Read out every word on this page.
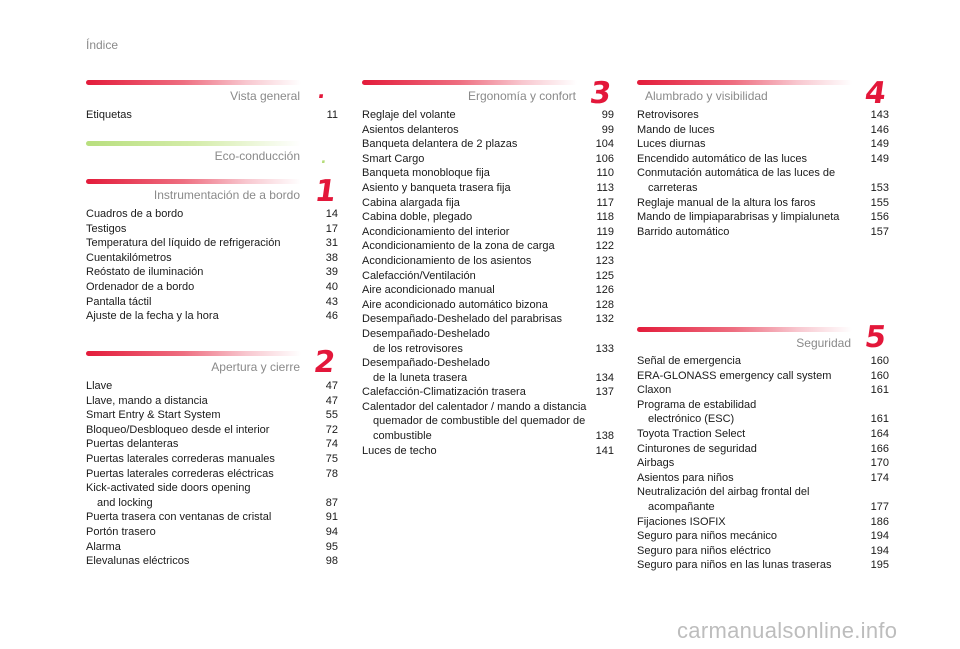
Índice
Vista general .
Etiquetas	11
Eco-conducción .
Instrumentación de a bordo 1
Cuadros de a bordo	14
Testigos	17
Temperatura del líquido de refrigeración	31
Cuentakilómetros	38
Reóstato de iluminación	39
Ordenador de a bordo	40
Pantalla táctil	43
Ajuste de la fecha y la hora	46
Apertura y cierre 2
Llave	47
Llave, mando a distancia	47
Smart Entry & Start System	55
Bloqueo/Desbloqueo desde el interior	72
Puertas delanteras	74
Puertas laterales correderas manuales	75
Puertas laterales correderas eléctricas	78
Kick-activated side doors opening
and locking	87
Puerta trasera con ventanas de cristal	91
Portón trasero	94
Alarma	95
Elevalunas eléctricos	98
Ergonomía y confort 3
Reglaje del volante	99
Asientos delanteros	99
Banqueta delantera de 2 plazas	104
Smart Cargo	106
Banqueta monobloque fija	110
Asiento y banqueta trasera fija	113
Cabina alargada fija	117
Cabina doble, plegado	118
Acondicionamiento del interior	119
Acondicionamiento de la zona de carga	122
Acondicionamiento de los asientos	123
Calefacción/Ventilación	125
Aire acondicionado manual	126
Aire acondicionado automático bizona	128
Desempañado-Deshelado del parabrisas	132
Desempañado-Deshelado
de los retrovisores	133
Desempañado-Deshelado
de la luneta trasera	134
Calefacción-Climatización trasera	137
Calentador del calentador / mando a distancia
quemador de combustible del quemador de
combustible	138
Luces de techo	141
Alumbrado y visibilidad	4
Retrovisores	143
Mando de luces	146
Luces diurnas	149
Encendido automático de las luces	149
Conmutación automática de las luces de
carreteras	153
Reglaje manual de la altura los faros	155
Mando de limpiaparabrisas y limpialuneta	156
Barrido automático	157
Seguridad 5
Señal de emergencia	160
ERA-GLONASS emergency call system	160
Claxon	161
Programa de estabilidad
electrónico (ESC)	161
Toyota Traction Select	164
Cinturones de seguridad	166
Airbags	170
Asientos para niños	174
Neutralización del airbag frontal del
acompañante	177
Fijaciones ISOFIX	186
Seguro para niños mecánico	194
Seguro para niños eléctrico	194
Seguro para niños en las lunas traseras	195
carmanualsonline.info
